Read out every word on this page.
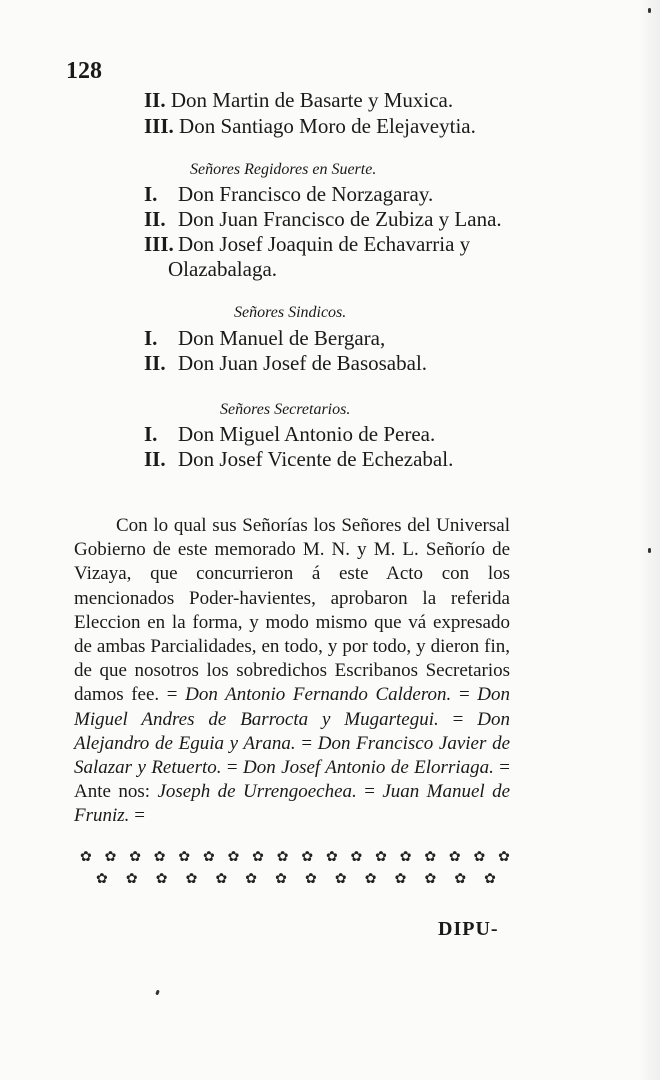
128
II. Don Martin de Basarte y Muxica.
III. Don Santiago Moro de Elejaveytia.
Señores Regidores en Suerte.
I. Don Francisco de Norzagaray.
II. Don Juan Francisco de Zubiza y Lana.
III. Don Josef Joaquin de Echavarria y
Olazabalaga.
Señores Sindicos.
I. Don Manuel de Bergara,
II. Don Juan Josef de Basosabal.
Señores Secretarios.
I. Don Miguel Antonio de Perea.
II. Don Josef Vicente de Echezabal.

Con lo qual sus Señorías los Señores del Universal Gobierno de este memorado M. N. y M. L. Señorío de Vizaya, que concurrieron á este Acto con los mencionados Poder-havientes, aprobaron la referida Eleccion en la forma, y modo mismo que vá expresado de ambas Parcialidades, en todo, y por todo, y dieron fin, de que nosotros los sobredichos Escribanos Secretarios damos fee. = Don Antonio Fernando Calderon. = Don Miguel Andres de Barrocta y Mugartegui. = Don Alejandro de Eguia y Arana. = Don Francisco Javier de Salazar y Retuerto. = Don Josef Antonio de Elorriaga. = Ante nos: Joseph de Urrengoechea. = Juan Manuel de Fruniz. =

✿ ✿ ✿ ✿ ✿ ✿ ✿ ✿ ✿ ✿ ✿ ✿ ✿ ✿ ✿ ✿ ✿ ✿
✿ ✿ ✿ ✿ ✿ ✿ ✿ ✿ ✿ ✿ ✿ ✿ ✿ ✿
DIPU-
